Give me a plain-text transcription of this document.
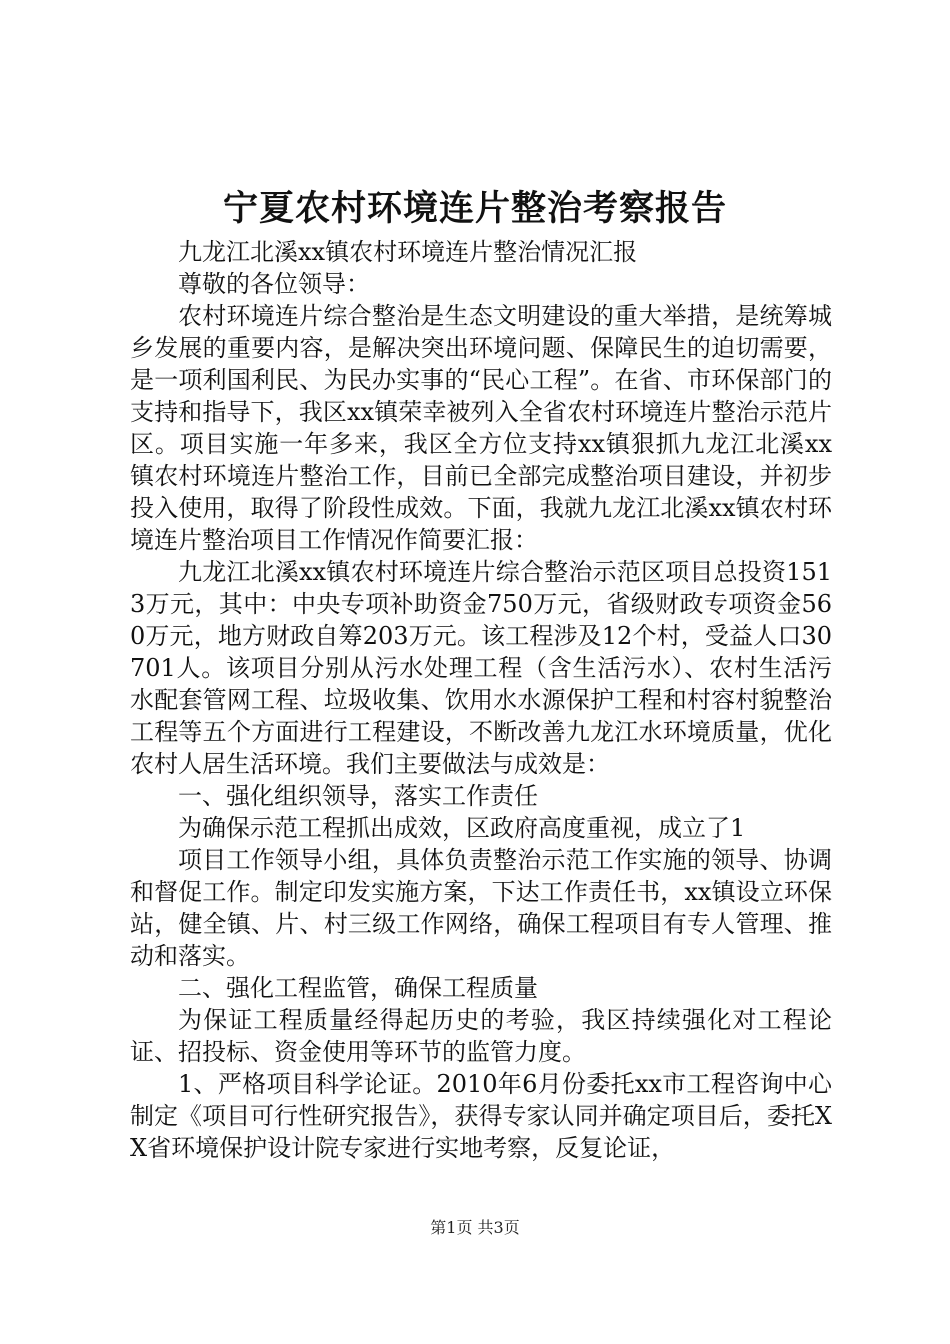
宁夏农村环境连片整治考察报告

九龙江北溪xx镇农村环境连片整治情况汇报

尊敬的各位领导：

农村环境连片综合整治是生态文明建设的重大举措，是统筹城乡发展的重要内容，是解决突出环境问题、保障民生的迫切需要，是一项利国利民、为民办实事的“民心工程”。在省、市环保部门的支持和指导下，我区xx镇荣幸被列入全省农村环境连片整治示范片区。项目实施一年多来，我区全方位支持xx镇狠抓九龙江北溪xx镇农村环境连片整治工作，目前已全部完成整治项目建设，并初步投入使用，取得了阶段性成效。下面，我就九龙江北溪xx镇农村环境连片整治项目工作情况作简要汇报：

九龙江北溪xx镇农村环境连片综合整治示范区项目总投资1513万元，其中：中央专项补助资金750万元，省级财政专项资金560万元，地方财政自筹203万元。该工程涉及12个村，受益人口30701人。该项目分别从污水处理工程（含生活污水）、农村生活污水配套管网工程、垃圾收集、饮用水水源保护工程和村容村貌整治工程等五个方面进行工程建设，不断改善九龙江水环境质量，优化农村人居生活环境。我们主要做法与成效是：

一、强化组织领导，落实工作责任

为确保示范工程抓出成效，区政府高度重视，成立了1

项目工作领导小组，具体负责整治示范工作实施的领导、协调和督促工作。制定印发实施方案，下达工作责任书，xx镇设立环保站，健全镇、片、村三级工作网络，确保工程项目有专人管理、推动和落实。

二、强化工程监管，确保工程质量

为保证工程质量经得起历史的考验，我区持续强化对工程论证、招投标、资金使用等环节的监管力度。

1、严格项目科学论证。2010年6月份委托xx市工程咨询中心制定《项目可行性研究报告》，获得专家认同并确定项目后，委托XX省环境保护设计院专家进行实地考察，反复论证，

第1页 共3页
